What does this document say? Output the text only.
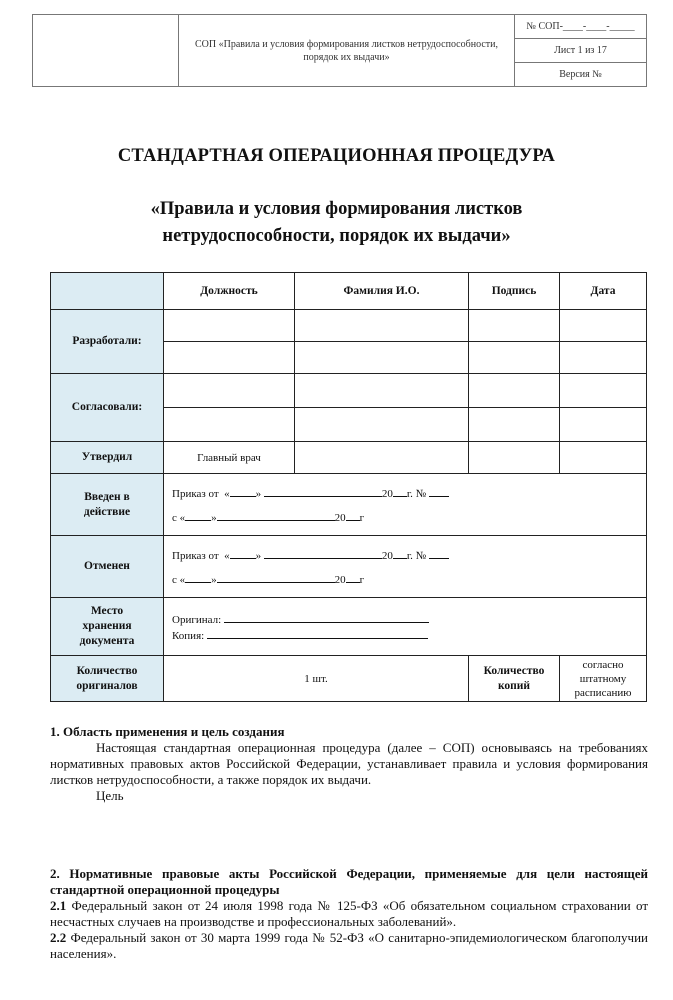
	СОП «Правила и условия формирования листков нетрудоспособности, порядок их выдачи»	№ СОП-____-____-_____
Лист 1 из 17
Версия №
СТАНДАРТНАЯ ОПЕРАЦИОННАЯ ПРОЦЕДУРА
«Правила и условия формирования листков нетрудоспособности, порядок их выдачи»
	Должность	Фамилия И.О.	Подпись	Дата
Разработали:				

Согласовали:				

Утвердил	Главный врач			

Введен в действие	Приказ от « » 20 г. №
с « » 20 г			

Отменен	Приказ от « » 20 г. №
с « » 20 г			

Место хранения документа	Оригинал:
Копия:			

Количество оригиналов	1 шт.		Количество копий	согласно штатному расписанию
1. Область применения и цель создания
Настоящая стандартная операционная процедура (далее – СОП) основываясь на требованиях нормативных правовых актов Российской Федерации, устанавливает правила и условия формирования листков нетрудоспособности, а также порядок их выдачи.
Цель
2. Нормативные правовые акты Российской Федерации, применяемые для цели настоящей стандартной операционной процедуры
2.1 Федеральный закон от 24 июля 1998 года № 125-ФЗ «Об обязательном социальном страховании от несчастных случаев на производстве и профессиональных заболеваний».
2.2 Федеральный закон от 30 марта 1999 года № 52-ФЗ «О санитарно-эпидемиологическом благополучии населения».
